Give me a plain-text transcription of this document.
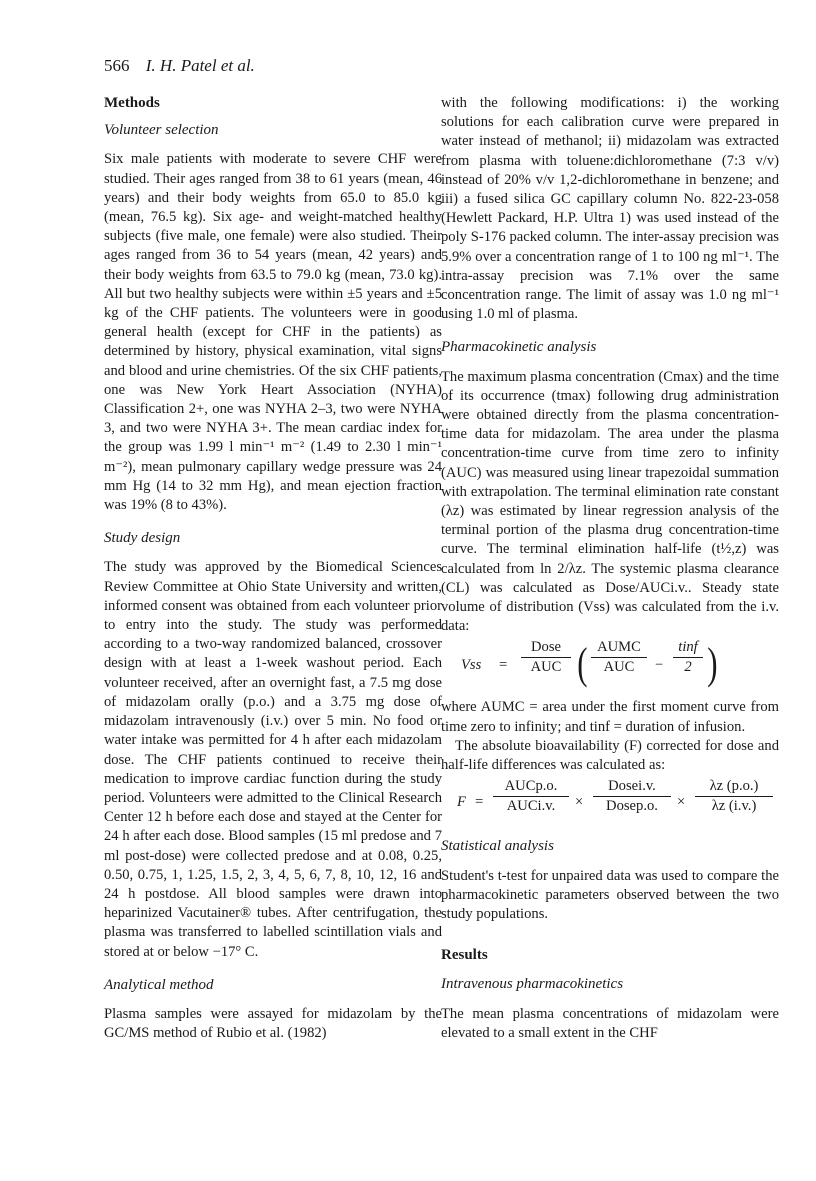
566 I. H. Patel et al.
Methods
Volunteer selection

Six male patients with moderate to severe CHF were studied. Their ages ranged from 38 to 61 years (mean, 46 years) and their body weights from 65.0 to 85.0 kg (mean, 76.5 kg). Six age- and weight-matched healthy subjects (five male, one female) were also studied. Their ages ranged from 36 to 54 years (mean, 42 years) and their body weights from 63.5 to 79.0 kg (mean, 73.0 kg). All but two healthy subjects were within ±5 years and ±5 kg of the CHF patients. The volunteers were in good general health (except for CHF in the patients) as determined by history, physical examination, vital signs and blood and urine chemistries. Of the six CHF patients, one was New York Heart Association (NYHA) Classification 2+, one was NYHA 2–3, two were NYHA 3, and two were NYHA 3+. The mean cardiac index for the group was 1.99 l min⁻¹ m⁻² (1.49 to 2.30 l min⁻¹ m⁻²), mean pulmonary capillary wedge pressure was 24 mm Hg (14 to 32 mm Hg), and mean ejection fraction was 19% (8 to 43%).

Study design

The study was approved by the Biomedical Sciences Review Committee at Ohio State University and written, informed consent was obtained from each volunteer prior to entry into the study. The study was performed according to a two-way randomized balanced, crossover design with at least a 1-week washout period. Each volunteer received, after an overnight fast, a 7.5 mg dose of midazolam orally (p.o.) and a 3.75 mg dose of midazolam intravenously (i.v.) over 5 min. No food or water intake was permitted for 4 h after each midazolam dose. The CHF patients continued to receive their medication to improve cardiac function during the study period. Volunteers were admitted to the Clinical Research Center 12 h before each dose and stayed at the Center for 24 h after each dose. Blood samples (15 ml predose and 7 ml post-dose) were collected predose and at 0.08, 0.25, 0.50, 0.75, 1, 1.25, 1.5, 2, 3, 4, 5, 6, 7, 8, 10, 12, 16 and 24 h postdose. All blood samples were drawn into heparinized Vacutainer® tubes. After centrifugation, the plasma was transferred to labelled scintillation vials and stored at or below −17° C.

Analytical method

Plasma samples were assayed for midazolam by the GC/MS method of Rubio et al. (1982)

with the following modifications: i) the working solutions for each calibration curve were prepared in water instead of methanol; ii) midazolam was extracted from plasma with toluene:dichloromethane (7:3 v/v) instead of 20% v/v 1,2-dichloromethane in benzene; and iii) a fused silica GC capillary column No. 822-23-058 (Hewlett Packard, H.P. Ultra 1) was used instead of the poly S-176 packed column. The inter-assay precision was 5.9% over a concentration range of 1 to 100 ng ml⁻¹. The intra-assay precision was 7.1% over the same concentration range. The limit of assay was 1.0 ng ml⁻¹ using 1.0 ml of plasma.

Pharmacokinetic analysis

The maximum plasma concentration (Cmax) and the time of its occurrence (tmax) following drug administration were obtained directly from the plasma concentration-time data for midazolam. The area under the plasma concentration-time curve from time zero to infinity (AUC) was measured using linear trapezoidal summation with extrapolation. The terminal elimination rate constant (λz) was estimated by linear regression analysis of the terminal portion of the plasma drug concentration-time curve. The terminal elimination half-life (t½,z) was calculated from ln 2/λz. The systemic plasma clearance (CL) was calculated as Dose/AUCi.v.. Steady state volume of distribution (Vss) was calculated from the i.v. data:

Vss =
Dose
AUC ( AUMC
AUC	−
tinf
2 )

where AUMC = area under the first moment curve from time zero to infinity; and tinf = duration of infusion.

The absolute bioavailability (F) corrected for dose and half-life differences was calculated as:

F =
AUCp.o.
AUCi.v.	×
Dosei.v.
Dosep.o.	× $\frac{\lambda z (p.o.)}{\lambda z (i.v.)}$
Statistical analysis

Student's t-test for unpaired data was used to compare the pharmacokinetic parameters observed between the two study populations.

Results
Intravenous pharmacokinetics

The mean plasma concentrations of midazolam were elevated to a small extent in the CHF
